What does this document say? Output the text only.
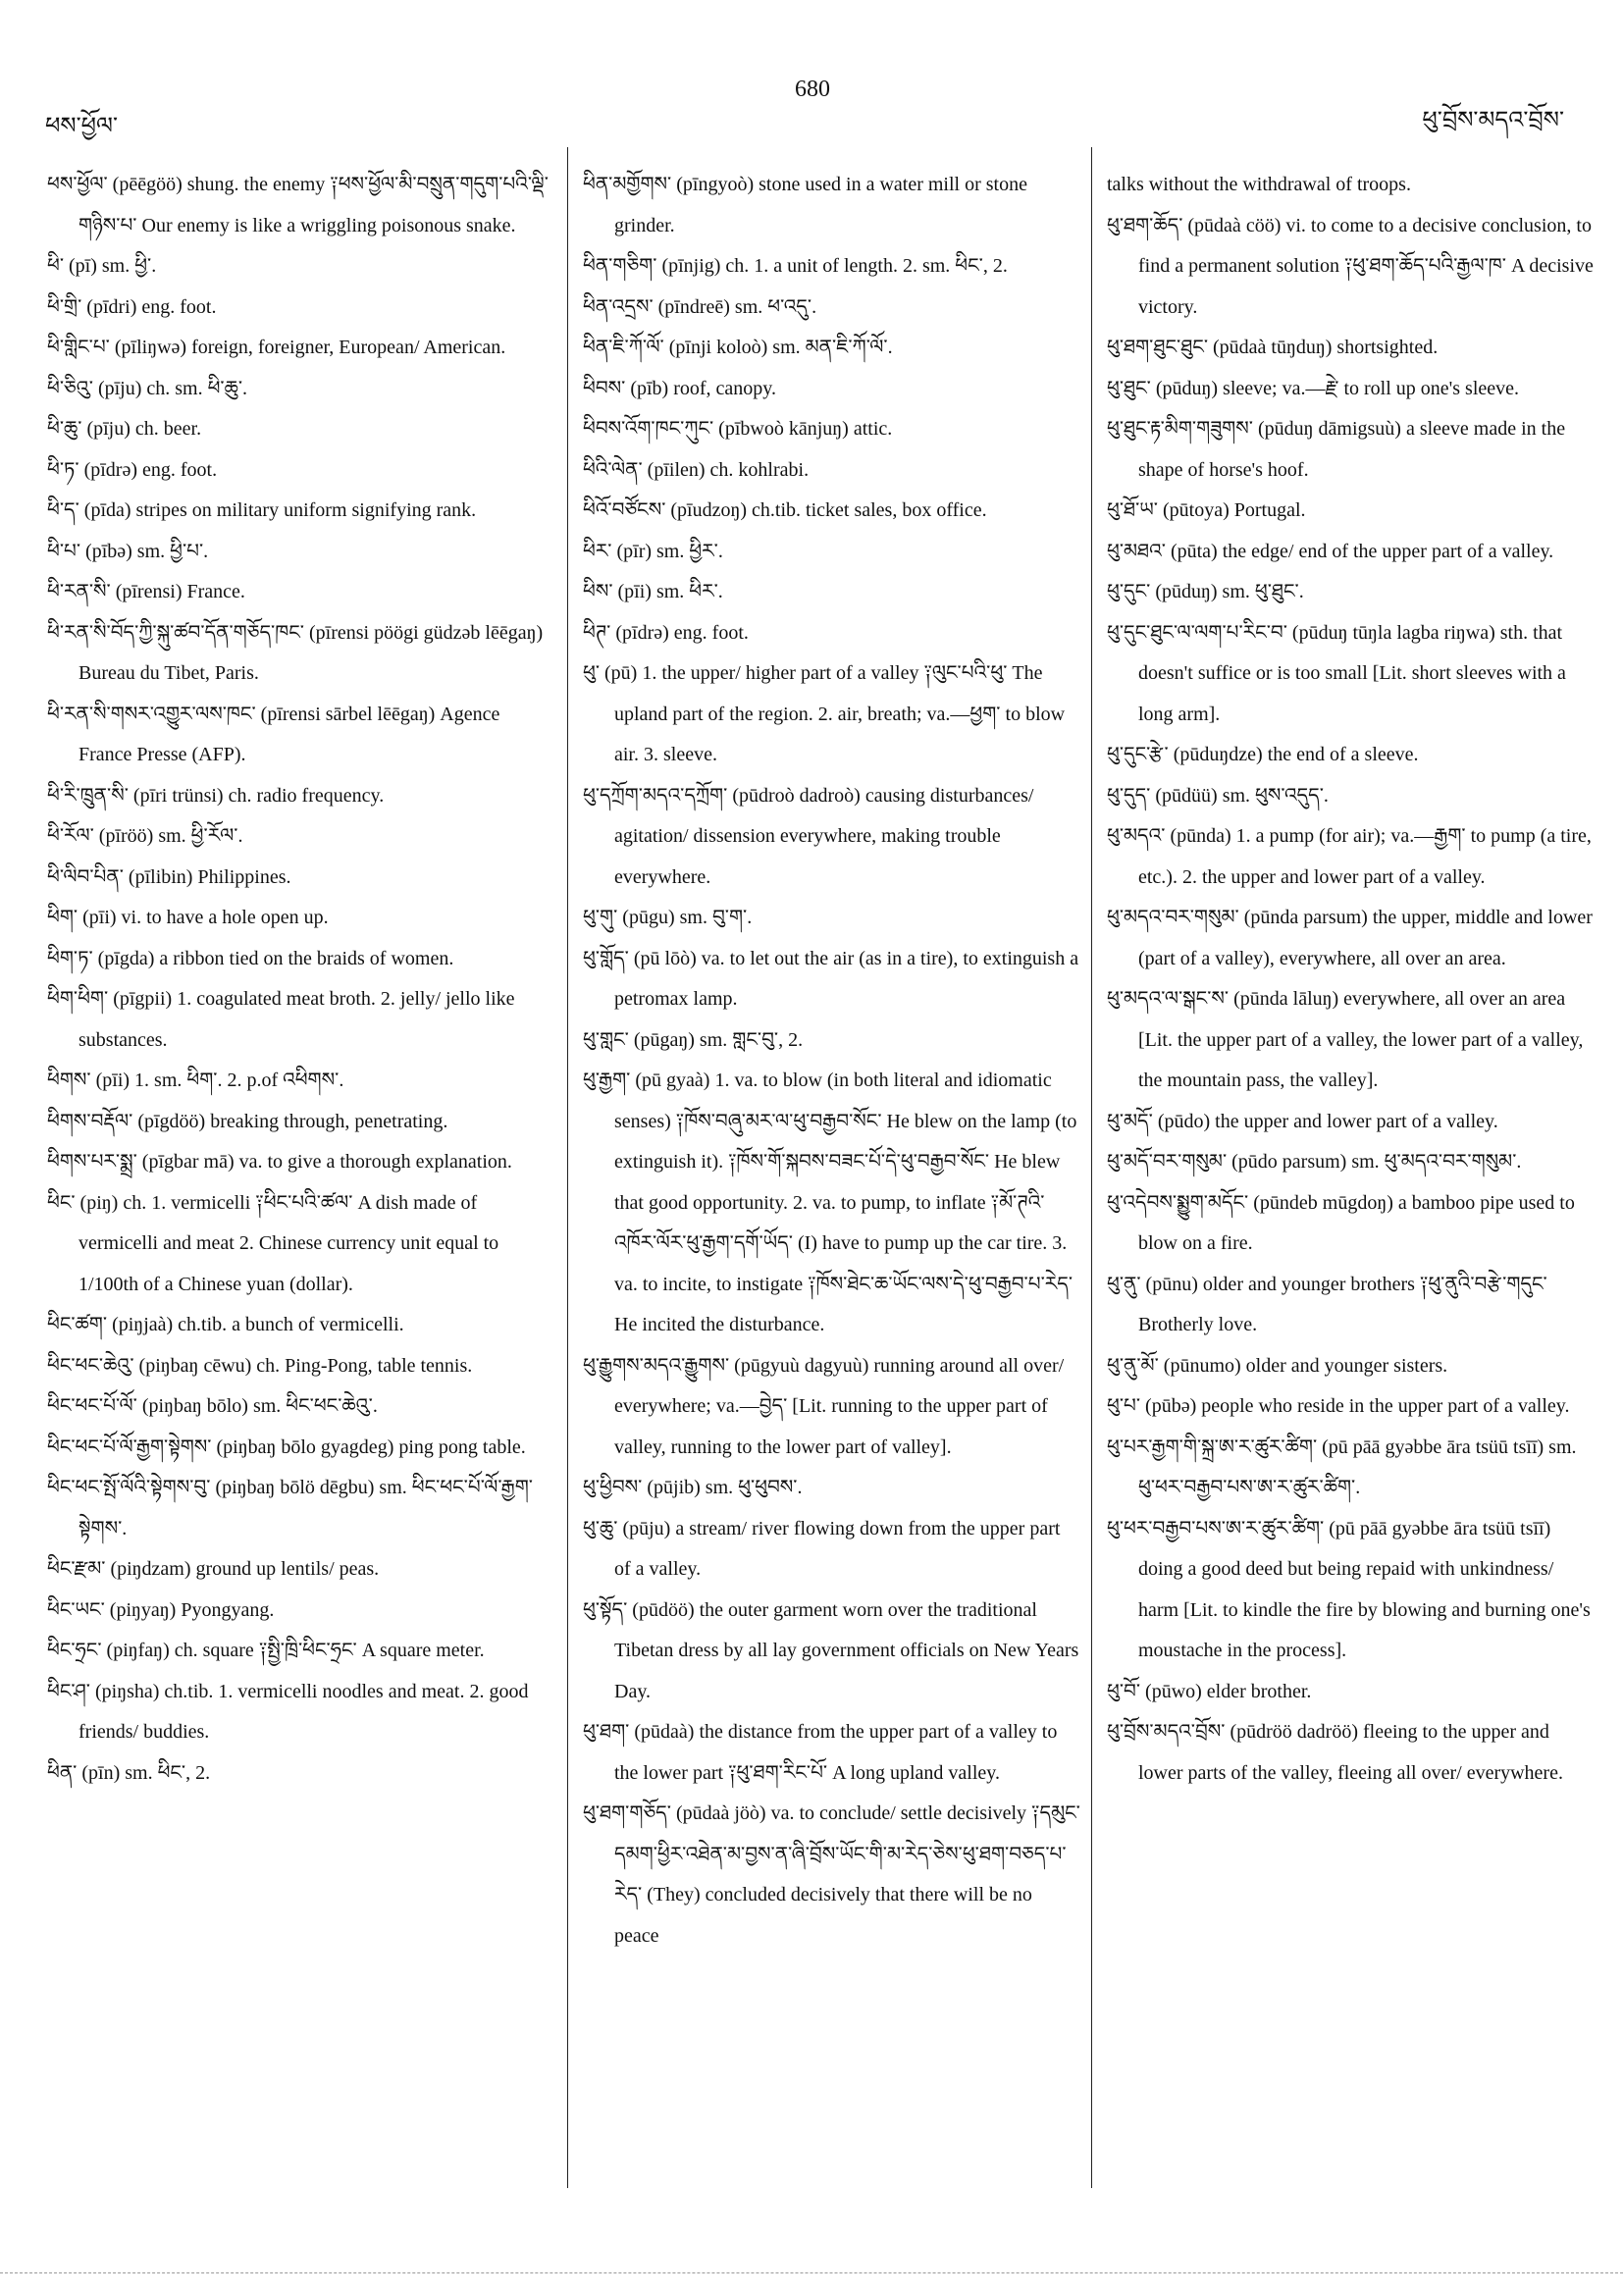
ཕས་ཕྱོལ་
680
ཕུ་བྲོས་མདའ་བྲོས་

ཕས་ཕྱོལ་ (pēēgöö) shung. the enemy ༑ཕས་ཕྱོལ་མི་བསྲུན་གདུག་པའི་ལྡི་གཉིས་པ་ Our enemy is like a wriggling poisonous snake.

ཕི་ (pī) sm. ཕྱི་.

ཕི་གྲི་ (pīdri) eng. foot.

ཕི་གླིང་པ་ (pīliŋwə) foreign, foreigner, European/ American.

ཕི་ཅིའུ་ (pīju) ch. sm. ཕི་ཆུ་.

ཕི་ཆུ་ (pīju) ch. beer.

ཕི་ཏ་ (pīdrə) eng. foot.

ཕི་ད་ (pīda) stripes on military uniform signifying rank.

ཕི་པ་ (pībə) sm. ཕྱི་པ་.

ཕི་རན་སི་ (pīrensi) France.

ཕི་རན་སི་བོད་ཀྱི་སྐུ་ཚབ་དོན་གཅོད་ཁང་ (pīrensi pöögi güdzəb lēēgaŋ) Bureau du Tibet, Paris.

ཕི་རན་སི་གསར་འགྱུར་ལས་ཁང་ (pīrensi sārbel lēēgaŋ) Agence France Presse (AFP).

ཕི་རི་ཁྲུན་སི་ (pīri trünsi) ch. radio frequency.

ཕི་རོལ་ (pīröö) sm. ཕྱི་རོལ་.

ཕི་ལིབ་པིན་ (pīlibin) Philippines.

ཕིག་ (pīi) vi. to have a hole open up.

ཕིག་ཏ་ (pīgda) a ribbon tied on the braids of women.

ཕིག་ཕིག་ (pīgpii) 1. coagulated meat broth. 2. jelly/ jello like substances.

ཕིགས་ (pīi) 1. sm. ཕིག་. 2. p.of འཕིགས་.

ཕིགས་བརྡོལ་ (pīgdöö) breaking through, penetrating.

ཕིགས་པར་སྨྲ་ (pīgbar mā) va. to give a thorough explanation.

ཕིང་ (piŋ) ch. 1. vermicelli ༑ཕིང་པའི་ཚལ་ A dish made of vermicelli and meat 2. Chinese currency unit equal to 1/100th of a Chinese yuan (dollar).

ཕིང་ཚག་ (piŋjaà) ch.tib. a bunch of vermicelli.

ཕིང་ཕང་ཆེའུ་ (piŋbaŋ cēwu) ch. Ping-Pong, table tennis.

ཕིང་ཕང་པོ་ལོ་ (piŋbaŋ bōlo) sm. ཕིང་ཕང་ཆེའུ་.

ཕིང་ཕང་པོ་ལོ་རྒྱག་སྟེགས་ (piŋbaŋ bōlo gyagdeg) ping pong table.

ཕིང་ཕང་སྤོ་ལོའི་སྟེགས་བུ་ (piŋbaŋ bōlö dēgbu) sm. ཕིང་ཕང་པོ་ལོ་རྒྱག་སྟེགས་.

ཕིང་རྫམ་ (piŋdzam) ground up lentils/ peas.

ཕིང་ཡང་ (piŋyaŋ) Pyongyang.

ཕིང་ཧྲང་ (piŋfaŋ) ch. square ༑སྤྱི་ཁྲི་ཕིང་ཧྲང་ A square meter.

ཕིང་ཤ་ (piŋsha) ch.tib. 1. vermicelli noodles and meat. 2. good friends/ buddies.

ཕིན་ (pīn) sm. ཕིང་, 2.

ཕིན་མགྱོགས་ (pīngyoò) stone used in a water mill or stone grinder.

ཕིན་གཅིག་ (pīnjig) ch. 1. a unit of length. 2. sm. ཕིང་, 2.

ཕིན་འདྲས་ (pīndreē) sm. ཕ་འདུ་.

ཕིན་ཇི་ཀོ་ལོ་ (pīnji koloò) sm. མན་ཇི་ཀོ་ལོ་.

ཕིབས་ (pīb) roof, canopy.

ཕིབས་འོག་ཁང་ཀུང་ (pībwoò kānjuŋ) attic.

ཕིའི་ལེན་ (pīilen) ch. kohlrabi.

ཕིའོ་བཙོངས་ (pīudzoŋ) ch.tib. ticket sales, box office.

ཕིར་ (pīr) sm. ཕྱིར་.

ཕིས་ (pīi) sm. ཕིར་.

ཕིཊ་ (pīdrə) eng. foot.

ཕུ་ (pū) 1. the upper/ higher part of a valley ༑ལུང་པའི་ཕུ་ The upland part of the region. 2. air, breath; va.—ཕྱག་ to blow air. 3. sleeve.

ཕུ་དཀྲོག་མདའ་དཀྲོག་ (pūdroò dadroò) causing disturbances/ agitation/ dissension everywhere, making trouble everywhere.

ཕུ་གུ་ (pūgu) sm. བུ་ག་.

ཕུ་གློད་ (pū lōò) va. to let out the air (as in a tire), to extinguish a petromax lamp.

ཕུ་གླང་ (pūgaŋ) sm. གླང་བུ་, 2.

ཕུ་རྒྱག་ (pū gyaà) 1. va. to blow (in both literal and idiomatic senses) ༑ཁོས་བཞུ་མར་ལ་ཕུ་བརྒྱབ་སོང་ He blew on the lamp (to extinguish it). ༑ཁོས་གོ་སྐབས་བཟང་པོ་དེ་ཕུ་བརྒྱབ་སོང་ He blew that good opportunity. 2. va. to pump, to inflate ༑མོ་ཊའི་འཁོར་ལོར་ཕུ་རྒྱག་དགོ་ཡོད་ (I) have to pump up the car tire. 3. va. to incite, to instigate ༑ཁོས་ཐེང་ཆ་ཡོང་ལས་དེ་ཕུ་བརྒྱབ་པ་རེད་ He incited the disturbance.

ཕུ་རྒྱུགས་མདའ་རྒྱུགས་ (pūgyuù dagyuù) running around all over/ everywhere; va.—བྱེད་ [Lit. running to the upper part of valley, running to the lower part of valley].

ཕུ་ཕྱིབས་ (pūjib) sm. ཕུ་ཕུབས་.

ཕུ་ཆུ་ (pūju) a stream/ river flowing down from the upper part of a valley.

ཕུ་སྟོད་ (pūdöö) the outer garment worn over the traditional Tibetan dress by all lay government officials on New Years Day.

ཕུ་ཐག་ (pūdaà) the distance from the upper part of a valley to the lower part ༑ཕུ་ཐག་རིང་པོ་ A long upland valley.

ཕུ་ཐག་གཅོད་ (pūdaà jöò) va. to conclude/ settle decisively ༑དམུང་དམག་ཕྱིར་འཐེན་མ་བྱས་ན་ཞི་བྲོས་ཡོང་གི་མ་རེད་ཅེས་ཕུ་ཐག་བཅད་པ་རེད་ (They) concluded decisively that there will be no peace

talks without the withdrawal of troops.

ཕུ་ཐག་ཆོད་ (pūdaà cöö) vi. to come to a decisive conclusion, to find a permanent solution ༑ཕུ་ཐག་ཆོད་པའི་རྒྱལ་ཁ་ A decisive victory.

ཕུ་ཐག་ཐུང་ཐུང་ (pūdaà tūŋduŋ) shortsighted.

ཕུ་ཐུང་ (pūduŋ) sleeve; va.—རྗེ་ to roll up one's sleeve.

ཕུ་ཐུང་རྟ་མིག་གཟུགས་ (pūduŋ dāmigsuù) a sleeve made in the shape of horse's hoof.

ཕུ་ཐོ་ཡ་ (pūtoya) Portugal.

ཕུ་མཐའ་ (pūta) the edge/ end of the upper part of a valley.

ཕུ་དུང་ (pūduŋ) sm. ཕུ་ཐུང་.

ཕུ་དུང་ཐུང་ལ་ལག་པ་རིང་བ་ (pūduŋ tūŋla lagba riŋwa) sth. that doesn't suffice or is too small [Lit. short sleeves with a long arm].

ཕུ་དུང་རྩེ་ (pūduŋdze) the end of a sleeve.

ཕུ་དུད་ (pūdüü) sm. ཕུས་འདུད་.

ཕུ་མདའ་ (pūnda) 1. a pump (for air); va.—རྒྱག་ to pump (a tire, etc.). 2. the upper and lower part of a valley.

ཕུ་མདའ་བར་གསུམ་ (pūnda parsum) the upper, middle and lower (part of a valley), everywhere, all over an area.

ཕུ་མདའ་ལ་སྒང་ས་ (pūnda lāluŋ) everywhere, all over an area [Lit. the upper part of a valley, the lower part of a valley, the mountain pass, the valley].

ཕུ་མདོ་ (pūdo) the upper and lower part of a valley.

ཕུ་མདོ་བར་གསུམ་ (pūdo parsum) sm. ཕུ་མདའ་བར་གསུམ་.

ཕུ་འདེབས་སྨྱུག་མདོང་ (pūndeb mūgdoŋ) a bamboo pipe used to blow on a fire.

ཕུ་ནུ་ (pūnu) older and younger brothers ༑ཕུ་ནུའི་བརྩེ་གདུང་ Brotherly love.

ཕུ་ནུ་མོ་ (pūnumo) older and younger sisters.

ཕུ་པ་ (pūbə) people who reside in the upper part of a valley.

ཕུ་པར་རྒྱག་གི་སྐྲ་ཨ་ར་ཚུར་ཚིག་ (pū pāā gyəbbe āra tsüū tsīī) sm. ཕུ་ཕར་བརྒྱབ་པས་ཨ་ར་ཚུར་ཚིག་.

ཕུ་ཕར་བརྒྱབ་པས་ཨ་ར་ཚུར་ཚིག་ (pū pāā gyəbbe āra tsüū tsīī) doing a good deed but being repaid with unkindness/ harm [Lit. to kindle the fire by blowing and burning one's moustache in the process].

ཕུ་བོ་ (pūwo) elder brother.

ཕུ་བྲོས་མདའ་བྲོས་ (pūdröö dadröö) fleeing to the upper and lower parts of the valley, fleeing all over/ everywhere.
